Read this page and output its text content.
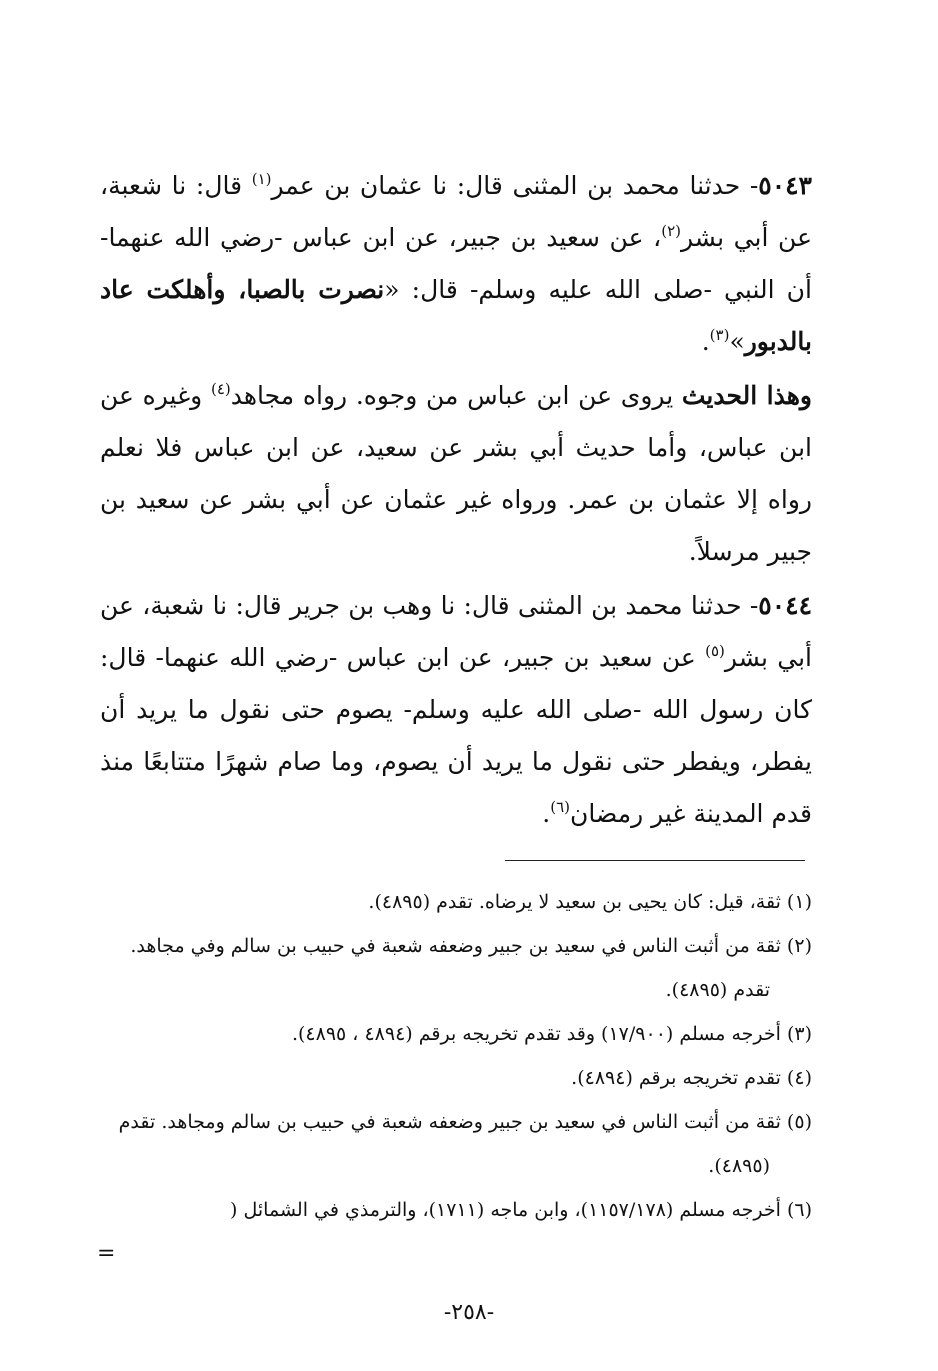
٥٠٤٣- حدثنا محمد بن المثنى قال: نا عثمان بن عمر$^{(١)}$ قال: نا شعبة، عن أبي بشر$^{(٢)}$، عن سعيد بن جبير، عن ابن عباس -رضي الله عنهما- أن النبي -صلى الله عليه وسلم- قال: «نصرت بالصبا، وأهلكت عاد بالدبور»$^{(٣)}$.

وهذا الحديث يروى عن ابن عباس من وجوه. رواه مجاهد$^{(٤)}$ وغيره عن ابن عباس، وأما حديث أبي بشر عن سعيد، عن ابن عباس فلا نعلم رواه إلا عثمان بن عمر. ورواه غير عثمان عن أبي بشر عن سعيد بن جبير مرسلاً.

٥٠٤٤- حدثنا محمد بن المثنى قال: نا وهب بن جرير قال: نا شعبة، عن أبي بشر$^{(٥)}$ عن سعيد بن جبير، عن ابن عباس -رضي الله عنهما- قال: كان رسول الله -صلى الله عليه وسلم- يصوم حتى نقول ما يريد أن يفطر، ويفطر حتى نقول ما يريد أن يصوم، وما صام شهرًا متتابعًا منذ قدم المدينة غير رمضان$^{(٦)}$.

(١) ثقة، قيل: كان يحيى بن سعيد لا يرضاه. تقدم (٤٨٩٥).

(٢) ثقة من أثبت الناس في سعيد بن جبير وضعفه شعبة في حبيب بن سالم وفي مجاهد. تقدم (٤٨٩٥).

(٣) أخرجه مسلم (١٧/٩٠٠) وقد تقدم تخريجه برقم (٤٨٩٤ ، ٤٨٩٥).

(٤) تقدم تخريجه برقم (٤٨٩٤).

(٥) ثقة من أثبت الناس في سعيد بن جبير وضعفه شعبة في حبيب بن سالم ومجاهد. تقدم (٤٨٩٥).

(٦) أخرجه مسلم (١١٥٧/١٧٨)، وابن ماجه (١٧١١)، والترمذي في الشمائل (

=
-٢٥٨-
